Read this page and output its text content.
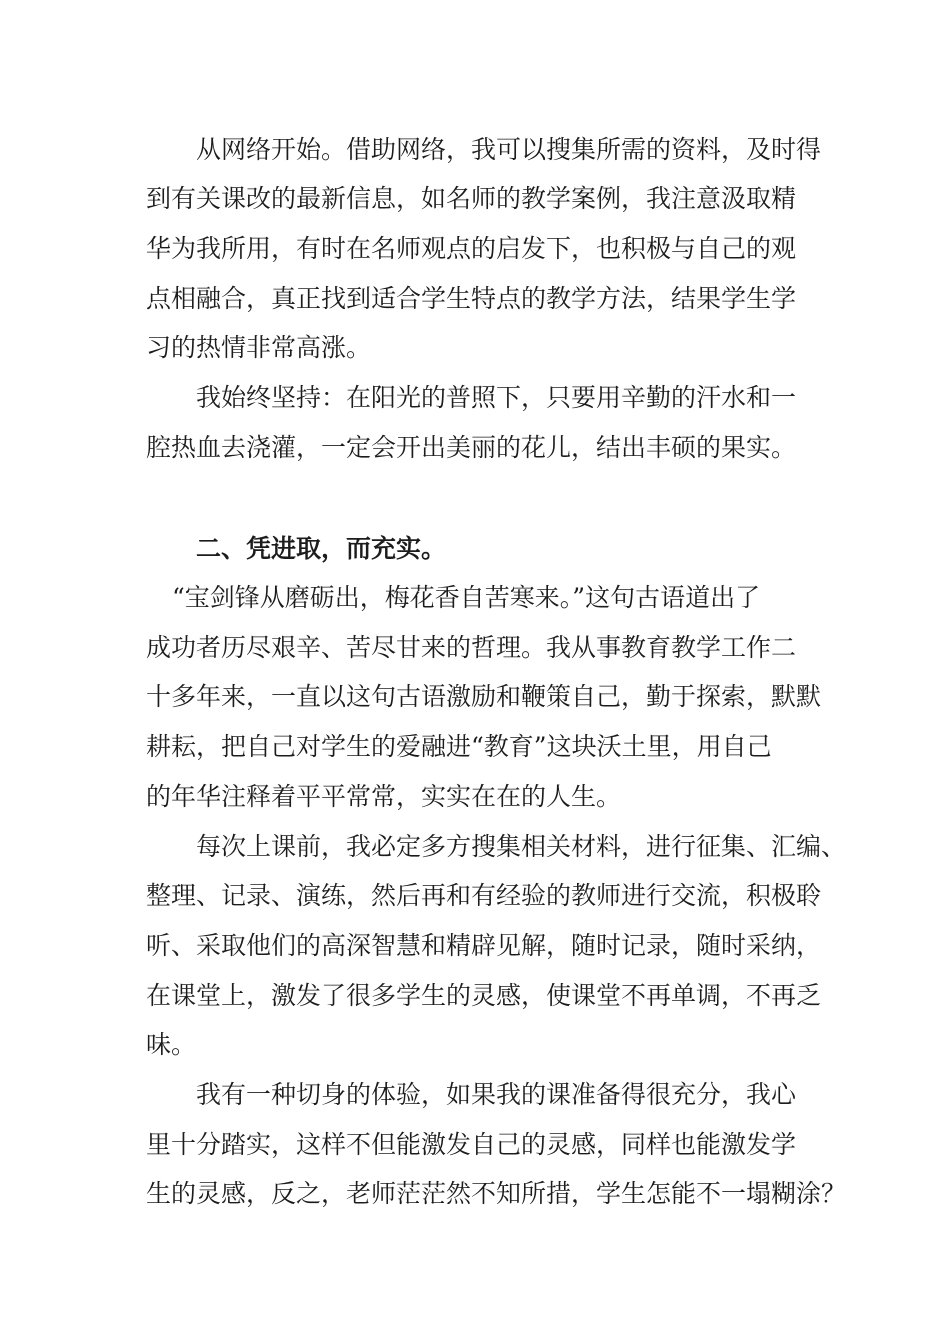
从网络开始。借助网络，我可以搜集所需的资料，及时得
到有关课改的最新信息，如名师的教学案例，我注意汲取精
华为我所用，有时在名师观点的启发下，也积极与自己的观
点相融合，真正找到适合学生特点的教学方法，结果学生学
习的热情非常高涨。
我始终坚持：在阳光的普照下，只要用辛勤的汗水和一
腔热血去浇灌，一定会开出美丽的花儿，结出丰硕的果实。
二、凭进取，而充实。
“宝剑锋从磨砺出，梅花香自苦寒来。”这句古语道出了
成功者历尽艰辛、苦尽甘来的哲理。我从事教育教学工作二
十多年来，一直以这句古语激励和鞭策自己，勤于探索，默默
耕耘，把自己对学生的爱融进“教育”这块沃土里，用自己
的年华注释着平平常常，实实在在的人生。
每次上课前，我必定多方搜集相关材料，进行征集、汇编、
整理、记录、演练，然后再和有经验的教师进行交流，积极聆
听、采取他们的高深智慧和精辟见解，随时记录，随时采纳，
在课堂上，激发了很多学生的灵感，使课堂不再单调，不再乏
味。
我有一种切身的体验，如果我的课准备得很充分，我心
里十分踏实，这样不但能激发自己的灵感，同样也能激发学
生的灵感，反之，老师茫茫然不知所措，学生怎能不一塌糊涂？
